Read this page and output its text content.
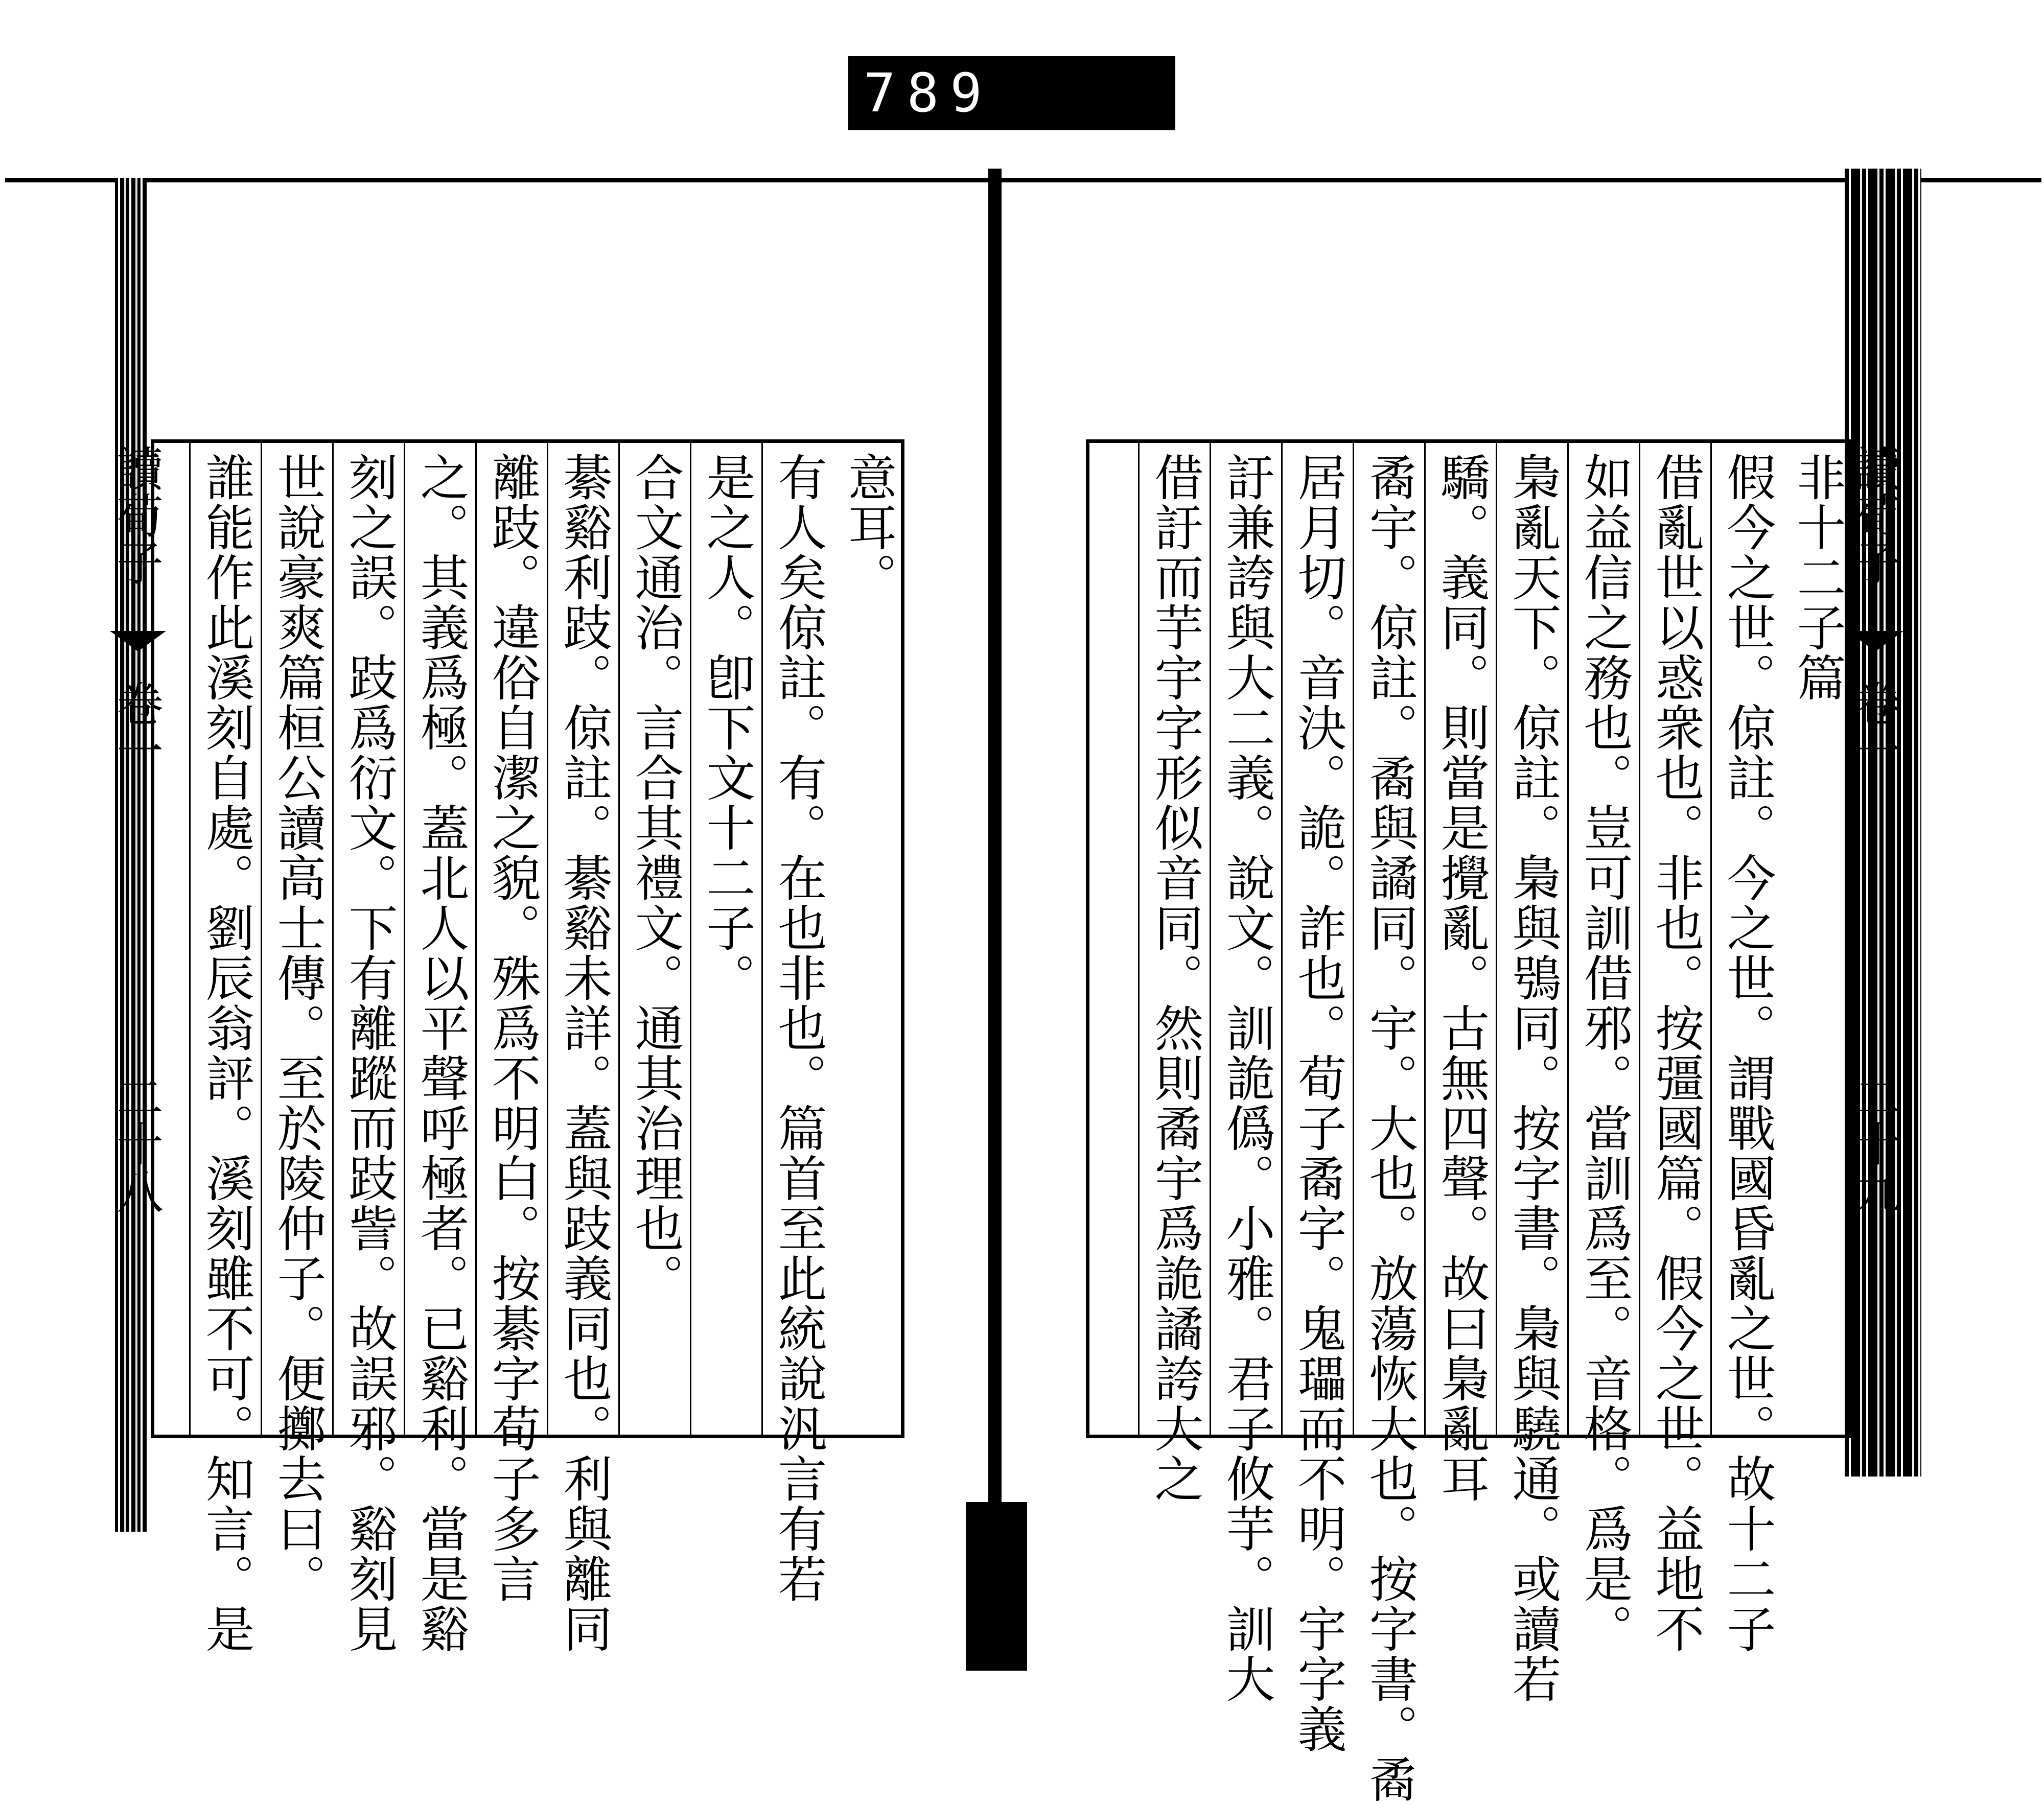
789	477.
讀荀子
卷一
二十八
意耳。
有人矣倞註。有。在也非也。篇首至此統說汎言有若
是之人。卽下文十二子。
合文通治。言合其禮文。通其治理也。
綦谿利跂。倞註。綦谿未詳。蓋與跂義同也。利與離同
離跂。違俗自潔之貌。殊爲不明白。按綦字荀子多言
之。其義爲極。蓋北人以平聲呼極者。已谿利。當是谿
刻之誤。跂爲衍文。下有離蹤而跂訾。故誤邪。谿刻見
世說豪爽篇桓公讀高士傳。至於陵仲子。便擲去曰。
誰能作此溪刻自處。劉辰翁評。溪刻雖不可。知言。是	非十二子篇
假今之世。倞註。今之世。謂戰國昏亂之世。故十二子
借亂世以惑衆也。非也。按彊國篇。假今之世。益地不
如益信之務也。豈可訓借邪。當訓爲至。音格。爲是。
梟亂天下。倞註。梟與鴞同。按字書。梟與驍通。或讀若
驕。義同。則當是攪亂。古無四聲。故曰梟亂耳
矞宇。倞註。矞與譎同。宇。大也。放蕩恢大也。按字書。矞
居月切。音決。詭。詐也。荀子矞字。鬼瓃而不明。宇字義
訏兼誇與大二義。說文。訓詭僞。小雅。君子攸芋。訓大
借訏而芋宇字形似音同。然則矞宇爲詭譎誇大之	讀荀子
卷一
二十九
